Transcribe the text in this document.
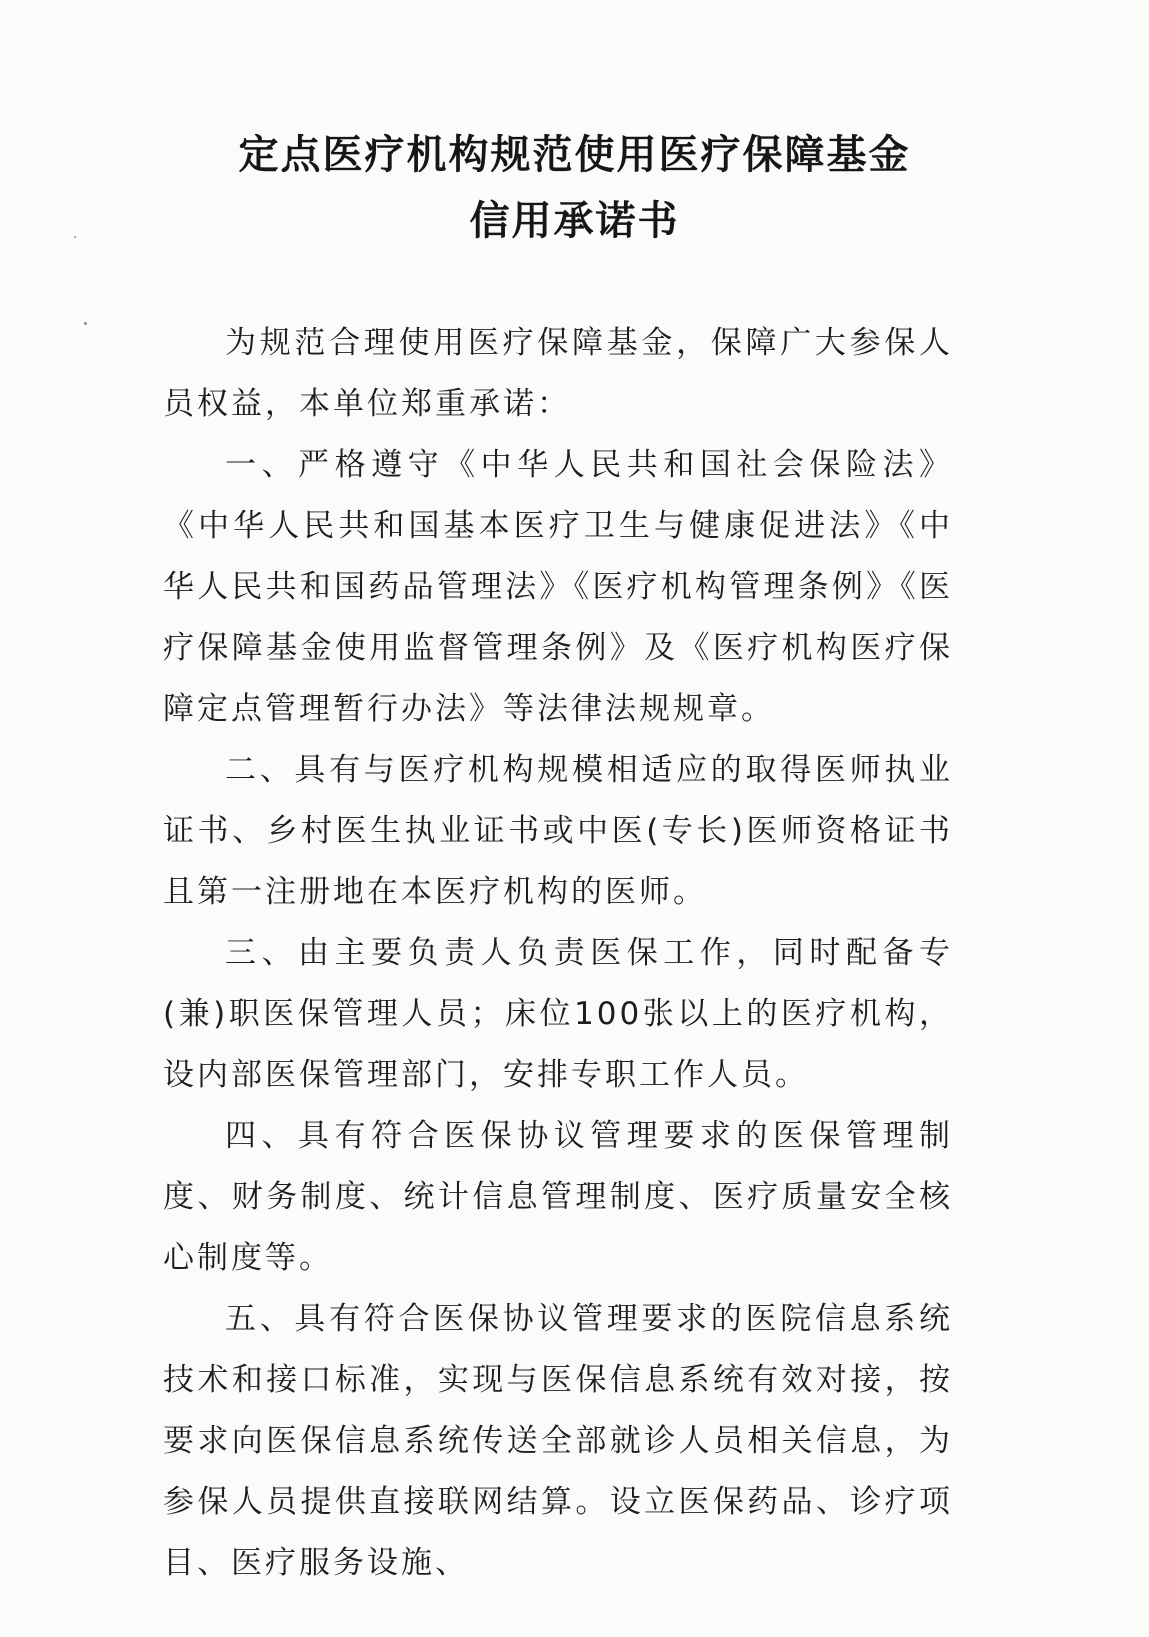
定点医疗机构规范使用医疗保障基金
信用承诺书

为规范合理使用医疗保障基金，保障广大参保人员权益，本单位郑重承诺：

一、严格遵守《中华人民共和国社会保险法》《中华人民共和国基本医疗卫生与健康促进法》《中华人民共和国药品管理法》《医疗机构管理条例》《医疗保障基金使用监督管理条例》及《医疗机构医疗保障定点管理暂行办法》等法律法规规章。

二、具有与医疗机构规模相适应的取得医师执业证书、乡村医生执业证书或中医(专长)医师资格证书且第一注册地在本医疗机构的医师。

三、由主要负责人负责医保工作，同时配备专(兼)职医保管理人员；床位100张以上的医疗机构，设内部医保管理部门，安排专职工作人员。

四、具有符合医保协议管理要求的医保管理制度、财务制度、统计信息管理制度、医疗质量安全核心制度等。

五、具有符合医保协议管理要求的医院信息系统技术和接口标准，实现与医保信息系统有效对接，按要求向医保信息系统传送全部就诊人员相关信息，为参保人员提供直接联网结算。设立医保药品、诊疗项目、医疗服务设施、
